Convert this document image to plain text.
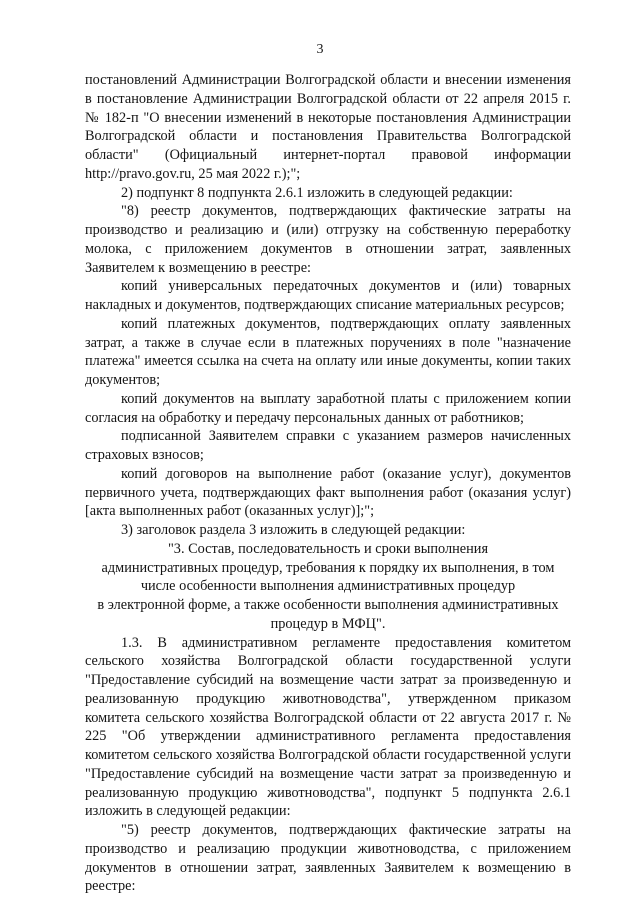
3

постановлений Администрации Волгоградской области и внесении изменения в постановление Администрации Волгоградской области от 22 апреля 2015 г. № 182-п "О внесении изменений в некоторые постановления Администрации Волгоградской области и постановления Правительства Волгоградской области" (Официальный интернет-портал правовой информации http://pravo.gov.ru, 25 мая 2022 г.);";

2) подпункт 8 подпункта 2.6.1 изложить в следующей редакции:

"8) реестр документов, подтверждающих фактические затраты на производство и реализацию и (или) отгрузку на собственную переработку молока, с приложением документов в отношении затрат, заявленных Заявителем к возмещению в реестре:

копий универсальных передаточных документов и (или) товарных накладных и документов, подтверждающих списание материальных ресурсов;

копий платежных документов, подтверждающих оплату заявленных затрат, а также в случае если в платежных поручениях в поле "назначение платежа" имеется ссылка на счета на оплату или иные документы, копии таких документов;

копий документов на выплату заработной платы с приложением копии согласия на обработку и передачу персональных данных от работников;

подписанной Заявителем справки с указанием размеров начисленных страховых взносов;

копий договоров на выполнение работ (оказание услуг), документов первичного учета, подтверждающих факт выполнения работ (оказания услуг) [акта выполненных работ (оказанных услуг)];";

3) заголовок раздела 3 изложить в следующей редакции:

"3. Состав, последовательность и сроки выполнения

административных процедур, требования к порядку их выполнения, в том

числе особенности выполнения административных процедур

в электронной форме, а также особенности выполнения административных

процедур в МФЦ".

1.3. В административном регламенте предоставления комитетом сельского хозяйства Волгоградской области государственной услуги "Предоставление субсидий на возмещение части затрат за произведенную и реализованную продукцию животноводства", утвержденном приказом комитета сельского хозяйства Волгоградской области от 22 августа 2017 г. № 225 "Об утверждении административного регламента предоставления комитетом сельского хозяйства Волгоградской области государственной услуги "Предоставление субсидий на возмещение части затрат за произведенную и реализованную продукцию животноводства", подпункт 5 подпункта 2.6.1 изложить в следующей редакции:

"5) реестр документов, подтверждающих фактические затраты на производство и реализацию продукции животноводства, с приложением документов в отношении затрат, заявленных Заявителем к возмещению в реестре:
